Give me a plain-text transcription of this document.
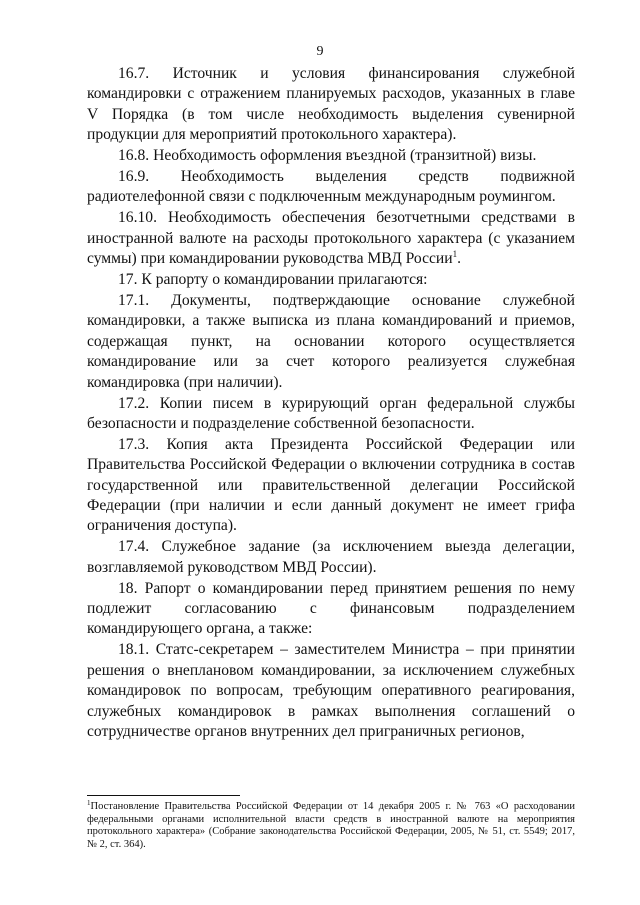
9

16.7. Источник и условия финансирования служебной командировки с отражением планируемых расходов, указанных в главе V Порядка (в том числе необходимость выделения сувенирной продукции для мероприятий протокольного характера).

16.8. Необходимость оформления въездной (транзитной) визы.

16.9. Необходимость выделения средств подвижной радиотелефонной связи с подключенным международным роумингом.

16.10. Необходимость обеспечения безотчетными средствами в иностранной валюте на расходы протокольного характера (с указанием суммы) при командировании руководства МВД России$^1$.

17. К рапорту о командировании прилагаются:

17.1. Документы, подтверждающие основание служебной командировки, а также выписка из плана командирований и приемов, содержащая пункт, на основании которого осуществляется командирование или за счет которого реализуется служебная командировка (при наличии).

17.2. Копии писем в курирующий орган федеральной службы безопасности и подразделение собственной безопасности.

17.3. Копия акта Президента Российской Федерации или Правительства Российской Федерации о включении сотрудника в состав государственной или правительственной делегации Российской Федерации (при наличии и если данный документ не имеет грифа ограничения доступа).

17.4. Служебное задание (за исключением выезда делегации, возглавляемой руководством МВД России).

18. Рапорт о командировании перед принятием решения по нему подлежит согласованию с финансовым подразделением командирующего органа, а также:

18.1. Статс-секретарем – заместителем Министра – при принятии решения о внеплановом командировании, за исключением служебных командировок по вопросам, требующим оперативного реагирования, служебных командировок в рамках выполнения соглашений о сотрудничестве органов внутренних дел приграничных регионов,

$^1$Постановление Правительства Российской Федерации от 14 декабря 2005 г. № 763 «О расходовании федеральными органами исполнительной власти средств в иностранной валюте на мероприятия протокольного характера» (Собрание законодательства Российской Федерации, 2005, № 51, ст. 5549; 2017, № 2, ст. 364).
